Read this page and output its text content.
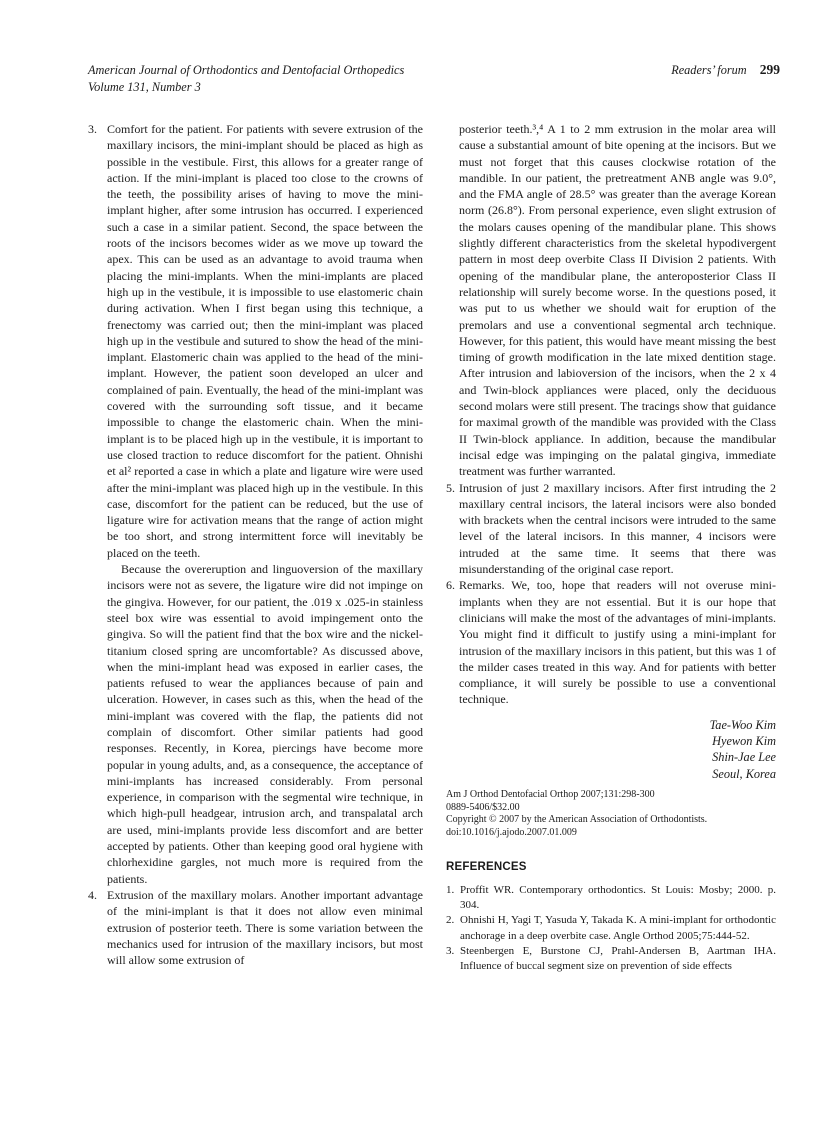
American Journal of Orthodontics and Dentofacial Orthopedics
Volume 131, Number 3
Readers’ forum 299
3. Comfort for the patient. For patients with severe extrusion of the maxillary incisors, the mini-implant should be placed as high as possible in the vestibule. First, this allows for a greater range of action. If the mini-implant is placed too close to the crowns of the teeth, the possibility arises of having to move the mini-implant higher, after some intrusion has occurred. I experienced such a case in a similar patient. Second, the space between the roots of the incisors becomes wider as we move up toward the apex. This can be used as an advantage to avoid trauma when placing the mini-implants. When the mini-implants are placed high up in the vestibule, it is impossible to use elastomeric chain during activation. When I first began using this technique, a frenectomy was carried out; then the mini-implant was placed high up in the vestibule and sutured to show the head of the mini-implant. Elastomeric chain was applied to the head of the mini-implant. However, the patient soon developed an ulcer and complained of pain. Eventually, the head of the mini-implant was covered with the surrounding soft tissue, and it became impossible to change the elastomeric chain. When the mini-implant is to be placed high up in the vestibule, it is important to use closed traction to reduce discomfort for the patient. Ohnishi et al² reported a case in which a plate and ligature wire were used after the mini-implant was placed high up in the vestibule. In this case, discomfort for the patient can be reduced, but the use of ligature wire for activation means that the range of action might be too short, and strong intermittent force will inevitably be placed on the teeth.

Because the overeruption and linguoversion of the maxillary incisors were not as severe, the ligature wire did not impinge on the gingiva. However, for our patient, the .019 x .025-in stainless steel box wire was essential to avoid impingement onto the gingiva. So will the patient find that the box wire and the nickel-titanium closed spring are uncomfortable? As discussed above, when the mini-implant head was exposed in earlier cases, the patients refused to wear the appliances because of pain and ulceration. However, in cases such as this, when the head of the mini-implant was covered with the flap, the patients did not complain of discomfort. Other similar patients had good responses. Recently, in Korea, piercings have become more popular in young adults, and, as a consequence, the acceptance of mini-implants has increased considerably. From personal experience, in comparison with the segmental wire technique, in which high-pull headgear, intrusion arch, and transpalatal arch are used, mini-implants provide less discomfort and are better accepted by patients. Other than keeping good oral hygiene with chlorhexidine gargles, not much more is required from the patients.

4. Extrusion of the maxillary molars. Another important advantage of the mini-implant is that it does not allow even minimal extrusion of posterior teeth. There is some variation between the mechanics used for intrusion of the maxillary incisors, but most will allow some extrusion of

posterior teeth.³,⁴ A 1 to 2 mm extrusion in the molar area will cause a substantial amount of bite opening at the incisors. But we must not forget that this causes clockwise rotation of the mandible. In our patient, the pretreatment ANB angle was 9.0°, and the FMA angle of 28.5° was greater than the average Korean norm (26.8°). From personal experience, even slight extrusion of the molars causes opening of the mandibular plane. This shows slightly different characteristics from the skeletal hypodivergent pattern in most deep overbite Class II Division 2 patients. With opening of the mandibular plane, the anteroposterior Class II relationship will surely become worse. In the questions posed, it was put to us whether we should wait for eruption of the premolars and use a conventional segmental arch technique. However, for this patient, this would have meant missing the best timing of growth modification in the late mixed dentition stage. After intrusion and labioversion of the incisors, when the 2 x 4 and Twin-block appliances were placed, only the deciduous second molars were still present. The tracings show that guidance for maximal growth of the mandible was provided with the Class II Twin-block appliance. In addition, because the mandibular incisal edge was impinging on the palatal gingiva, immediate treatment was further warranted.

5. Intrusion of just 2 maxillary incisors. After first intruding the 2 maxillary central incisors, the lateral incisors were also bonded with brackets when the central incisors were intruded to the same level of the lateral incisors. In this manner, 4 incisors were intruded at the same time. It seems that there was misunderstanding of the original case report.

6. Remarks. We, too, hope that readers will not overuse mini-implants when they are not essential. But it is our hope that clinicians will make the most of the advantages of mini-implants. You might find it difficult to justify using a mini-implant for intrusion of the maxillary incisors in this patient, but this was 1 of the milder cases treated in this way. And for patients with better compliance, it will surely be possible to use a conventional technique.

Tae-Woo Kim
Hyewon Kim
Shin-Jae Lee
Seoul, Korea
Am J Orthod Dentofacial Orthop 2007;131:298-300
0889-5406/$32.00
Copyright © 2007 by the American Association of Orthodontists.
doi:10.1016/j.ajodo.2007.01.009
REFERENCES
1. Proffit WR. Contemporary orthodontics. St Louis: Mosby; 2000. p. 304.
2. Ohnishi H, Yagi T, Yasuda Y, Takada K. A mini-implant for orthodontic anchorage in a deep overbite case. Angle Orthod 2005;75:444-52.
3. Steenbergen E, Burstone CJ, Prahl-Andersen B, Aartman IHA. Influence of buccal segment size on prevention of side effects
